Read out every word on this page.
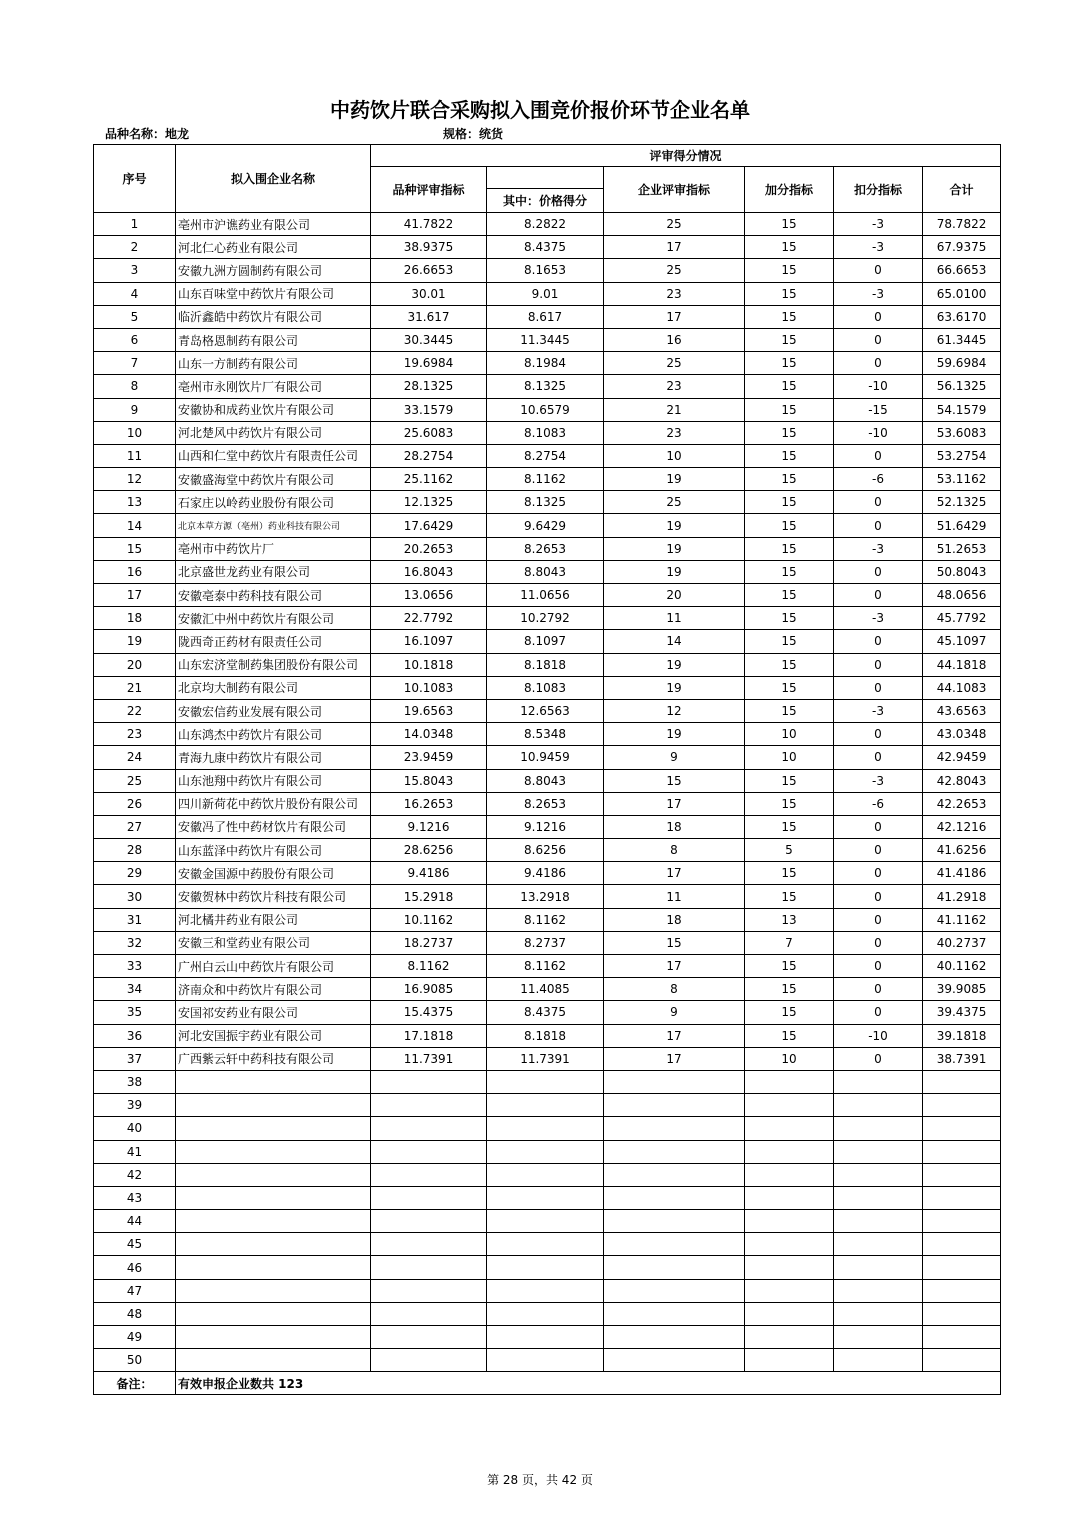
中药饮片联合采购拟入围竞价报价环节企业名单
品种名称：地龙	规格：统货
序号	拟入围企业名称	评审得分情况					
		品种评审指标		企业评审指标	加分指标	扣分指标	合计
			其中：价格得分				
1	亳州市沪谯药业有限公司	41.7822	8.2822	25	15	-3	78.7822
2	河北仁心药业有限公司	38.9375	8.4375	17	15	-3	67.9375
3	安徽九洲方圆制药有限公司	26.6653	8.1653	25	15	0	66.6653
4	山东百味堂中药饮片有限公司	30.01	9.01	23	15	-3	65.0100
5	临沂鑫皓中药饮片有限公司	31.617	8.617	17	15	0	63.6170
6	青岛格恩制药有限公司	30.3445	11.3445	16	15	0	61.3445
7	山东一方制药有限公司	19.6984	8.1984	25	15	0	59.6984
8	亳州市永刚饮片厂有限公司	28.1325	8.1325	23	15	-10	56.1325
9	安徽协和成药业饮片有限公司	33.1579	10.6579	21	15	-15	54.1579
10	河北楚风中药饮片有限公司	25.6083	8.1083	23	15	-10	53.6083
11	山西和仁堂中药饮片有限责任公司	28.2754	8.2754	10	15	0	53.2754
12	安徽盛海堂中药饮片有限公司	25.1162	8.1162	19	15	-6	53.1162
13	石家庄以岭药业股份有限公司	12.1325	8.1325	25	15	0	52.1325
14	北京本草方源（亳州）药业科技有限公司	17.6429	9.6429	19	15	0	51.6429
15	亳州市中药饮片厂	20.2653	8.2653	19	15	-3	51.2653
16	北京盛世龙药业有限公司	16.8043	8.8043	19	15	0	50.8043
17	安徽亳泰中药科技有限公司	13.0656	11.0656	20	15	0	48.0656
18	安徽汇中州中药饮片有限公司	22.7792	10.2792	11	15	-3	45.7792
19	陇西奇正药材有限责任公司	16.1097	8.1097	14	15	0	45.1097
20	山东宏济堂制药集团股份有限公司	10.1818	8.1818	19	15	0	44.1818
21	北京均大制药有限公司	10.1083	8.1083	19	15	0	44.1083
22	安徽宏信药业发展有限公司	19.6563	12.6563	12	15	-3	43.6563
23	山东鸿杰中药饮片有限公司	14.0348	8.5348	19	10	0	43.0348
24	青海九康中药饮片有限公司	23.9459	10.9459	9	10	0	42.9459
25	山东池翔中药饮片有限公司	15.8043	8.8043	15	15	-3	42.8043
26	四川新荷花中药饮片股份有限公司	16.2653	8.2653	17	15	-6	42.2653
27	安徽冯了性中药材饮片有限公司	9.1216	9.1216	18	15	0	42.1216
28	山东蓝泽中药饮片有限公司	28.6256	8.6256	8	5	0	41.6256
29	安徽金国源中药股份有限公司	9.4186	9.4186	17	15	0	41.4186
30	安徽贺林中药饮片科技有限公司	15.2918	13.2918	11	15	0	41.2918
31	河北橘井药业有限公司	10.1162	8.1162	18	13	0	41.1162
32	安徽三和堂药业有限公司	18.2737	8.2737	15	7	0	40.2737
33	广州白云山中药饮片有限公司	8.1162	8.1162	17	15	0	40.1162
34	济南众和中药饮片有限公司	16.9085	11.4085	8	15	0	39.9085
35	安国祁安药业有限公司	15.4375	8.4375	9	15	0	39.4375
36	河北安国振宇药业有限公司	17.1818	8.1818	17	15	-10	39.1818
37	广西紫云轩中药科技有限公司	11.7391	11.7391	17	10	0	38.7391
38							
39							
40							
41							
42							
43							
44							
45							
46							
47							
48							
49							
50							
备注：	有效申报企业数共 123						
第 28 页，共 42 页
